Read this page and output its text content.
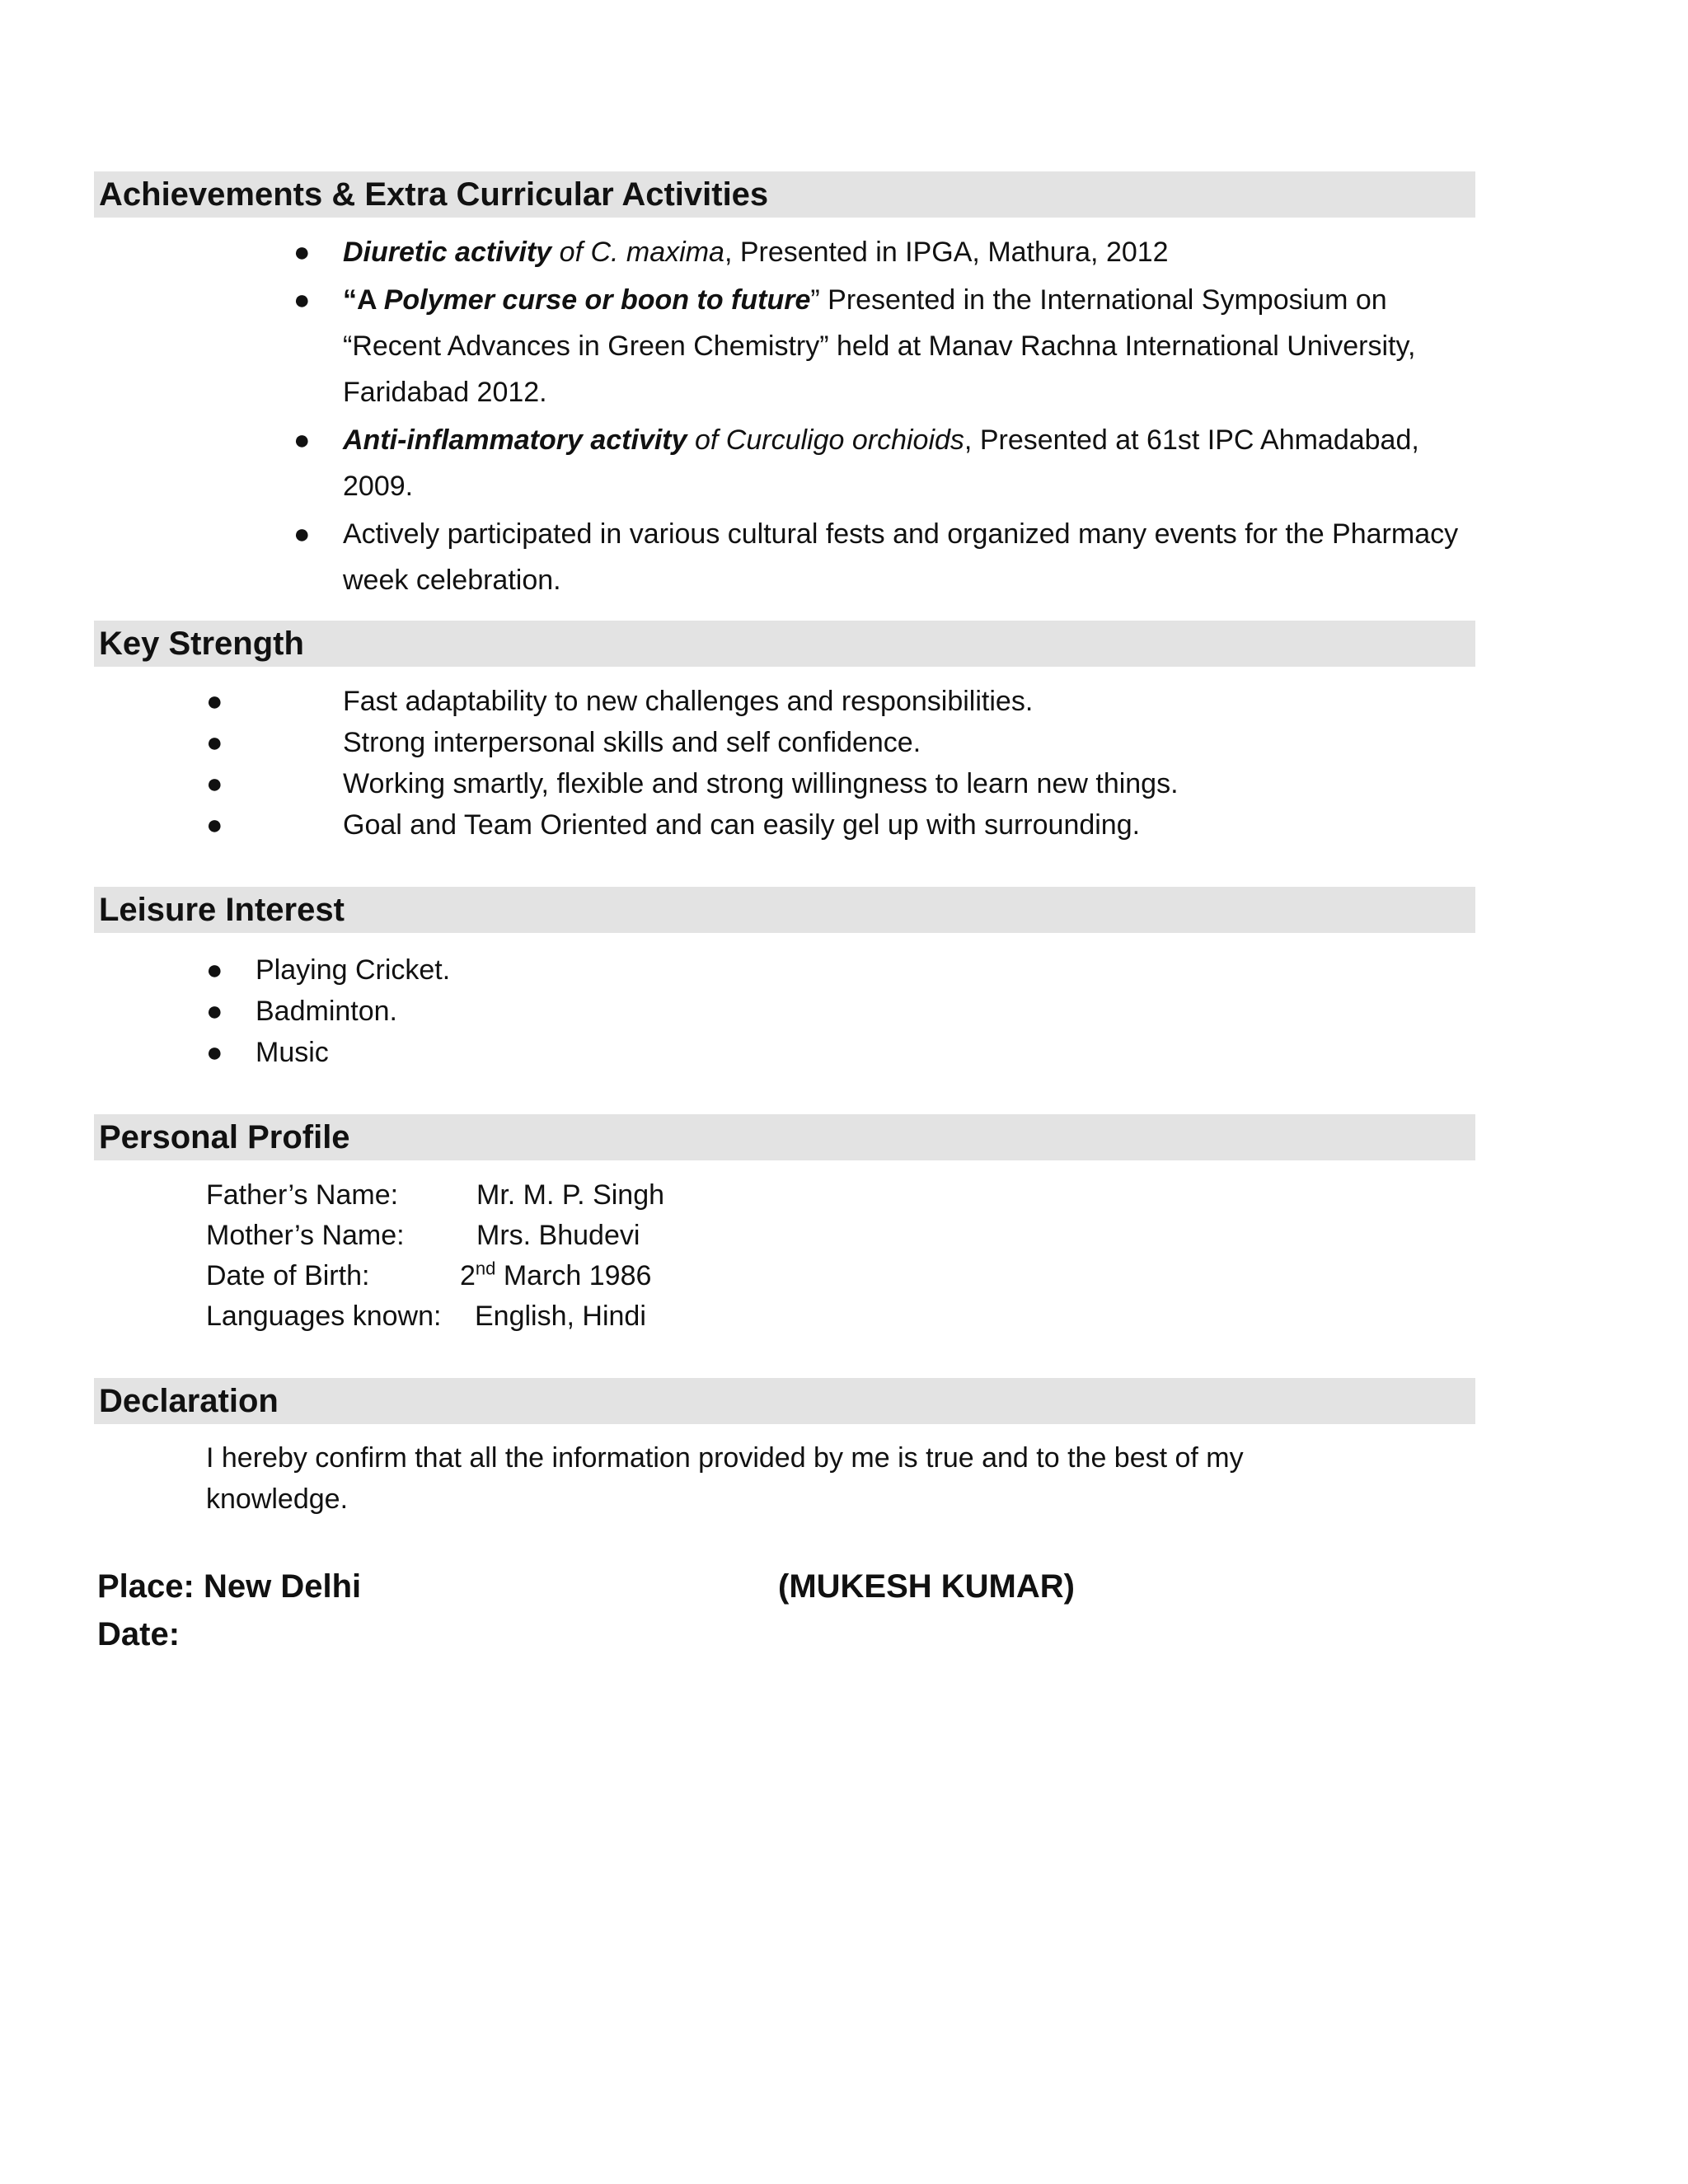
Achievements & Extra Curricular Activities
● Diuretic activity of C. maxima, Presented in IPGA, Mathura, 2012
● “A Polymer curse or boon to future” Presented in the International Symposium on “Recent Advances in Green Chemistry” held at Manav Rachna International University, Faridabad 2012.
● Anti-inflammatory activity of Curculigo orchioids, Presented at 61st IPC Ahmadabad, 2009.
● Actively participated in various cultural fests and organized many events for the Pharmacy week celebration.
Key Strength
●	Fast adaptability to new challenges and responsibilities.
●	Strong interpersonal skills and self confidence.
●	Working smartly, flexible and strong willingness to learn new things.
●	Goal and Team Oriented and can easily gel up with surrounding.
Leisure Interest
● Playing Cricket.
● Badminton.
● Music
Personal Profile
Father’s Name:	Mr. M. P. Singh
Mother’s Name:	Mrs. Bhudevi
Date of Birth:	2nd March 1986
Languages known: English, Hindi
Declaration
I hereby confirm that all the information provided by me is true and to the best of my knowledge.
Place: New Delhi
Date:
(MUKESH KUMAR)
